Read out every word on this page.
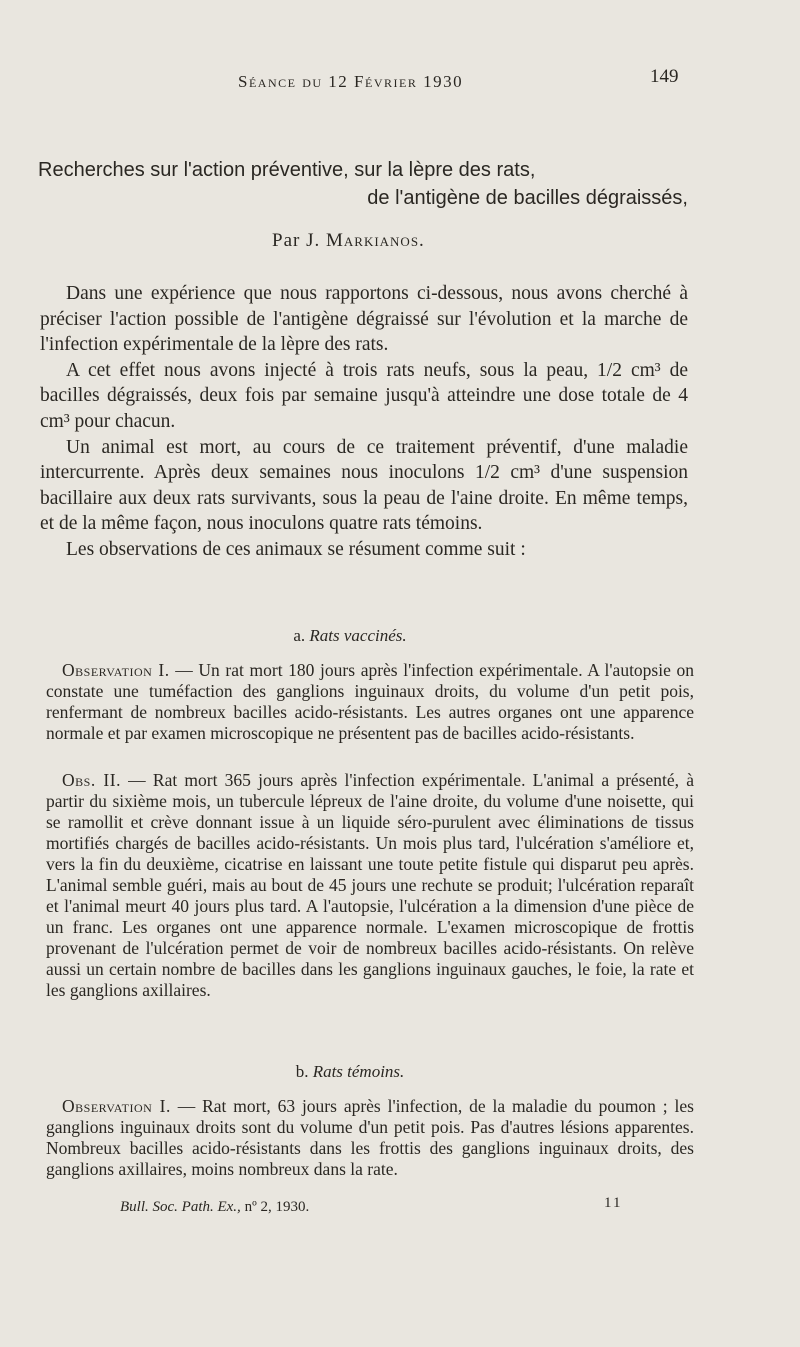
Séance du 12 Février 1930	149
Recherches sur l'action préventive, sur la lèpre des rats,
de l'antigène de bacilles dégraissés,
Par J. Markianos.

Dans une expérience que nous rapportons ci-dessous, nous avons cherché à préciser l'action possible de l'antigène dégraissé sur l'évolution et la marche de l'infection expérimentale de la lèpre des rats.

A cet effet nous avons injecté à trois rats neufs, sous la peau, 1/2 cm³ de bacilles dégraissés, deux fois par semaine jusqu'à atteindre une dose totale de 4 cm³ pour chacun.

Un animal est mort, au cours de ce traitement préventif, d'une maladie intercurrente. Après deux semaines nous inoculons 1/2 cm³ d'une suspension bacillaire aux deux rats survivants, sous la peau de l'aine droite. En même temps, et de la même façon, nous inoculons quatre rats témoins.

Les observations de ces animaux se résument comme suit :

a. Rats vaccinés.

Observation I. — Un rat mort 180 jours après l'infection expérimentale. A l'autopsie on constate une tuméfaction des ganglions inguinaux droits, du volume d'un petit pois, renfermant de nombreux bacilles acido-résistants. Les autres organes ont une apparence normale et par examen microscopique ne présentent pas de bacilles acido-résistants.

Obs. II. — Rat mort 365 jours après l'infection expérimentale. L'animal a présenté, à partir du sixième mois, un tubercule lépreux de l'aine droite, du volume d'une noisette, qui se ramollit et crève donnant issue à un liquide séro-purulent avec éliminations de tissus mortifiés chargés de bacilles acido-résistants. Un mois plus tard, l'ulcération s'améliore et, vers la fin du deuxième, cicatrise en laissant une toute petite fistule qui disparut peu après. L'animal semble guéri, mais au bout de 45 jours une rechute se produit; l'ulcération reparaît et l'animal meurt 40 jours plus tard. A l'autopsie, l'ulcération a la dimension d'une pièce de un franc. Les organes ont une apparence normale. L'examen microscopique de frottis provenant de l'ulcération permet de voir de nombreux bacilles acido-résistants. On relève aussi un certain nombre de bacilles dans les ganglions inguinaux gauches, le foie, la rate et les ganglions axillaires.

b. Rats témoins.

Observation I. — Rat mort, 63 jours après l'infection, de la maladie du poumon ; les ganglions inguinaux droits sont du volume d'un petit pois. Pas d'autres lésions apparentes. Nombreux bacilles acido-résistants dans les frottis des ganglions inguinaux droits, des ganglions axillaires, moins nombreux dans la rate.

Bull. Soc. Path. Ex., nº 2, 1930.	11
